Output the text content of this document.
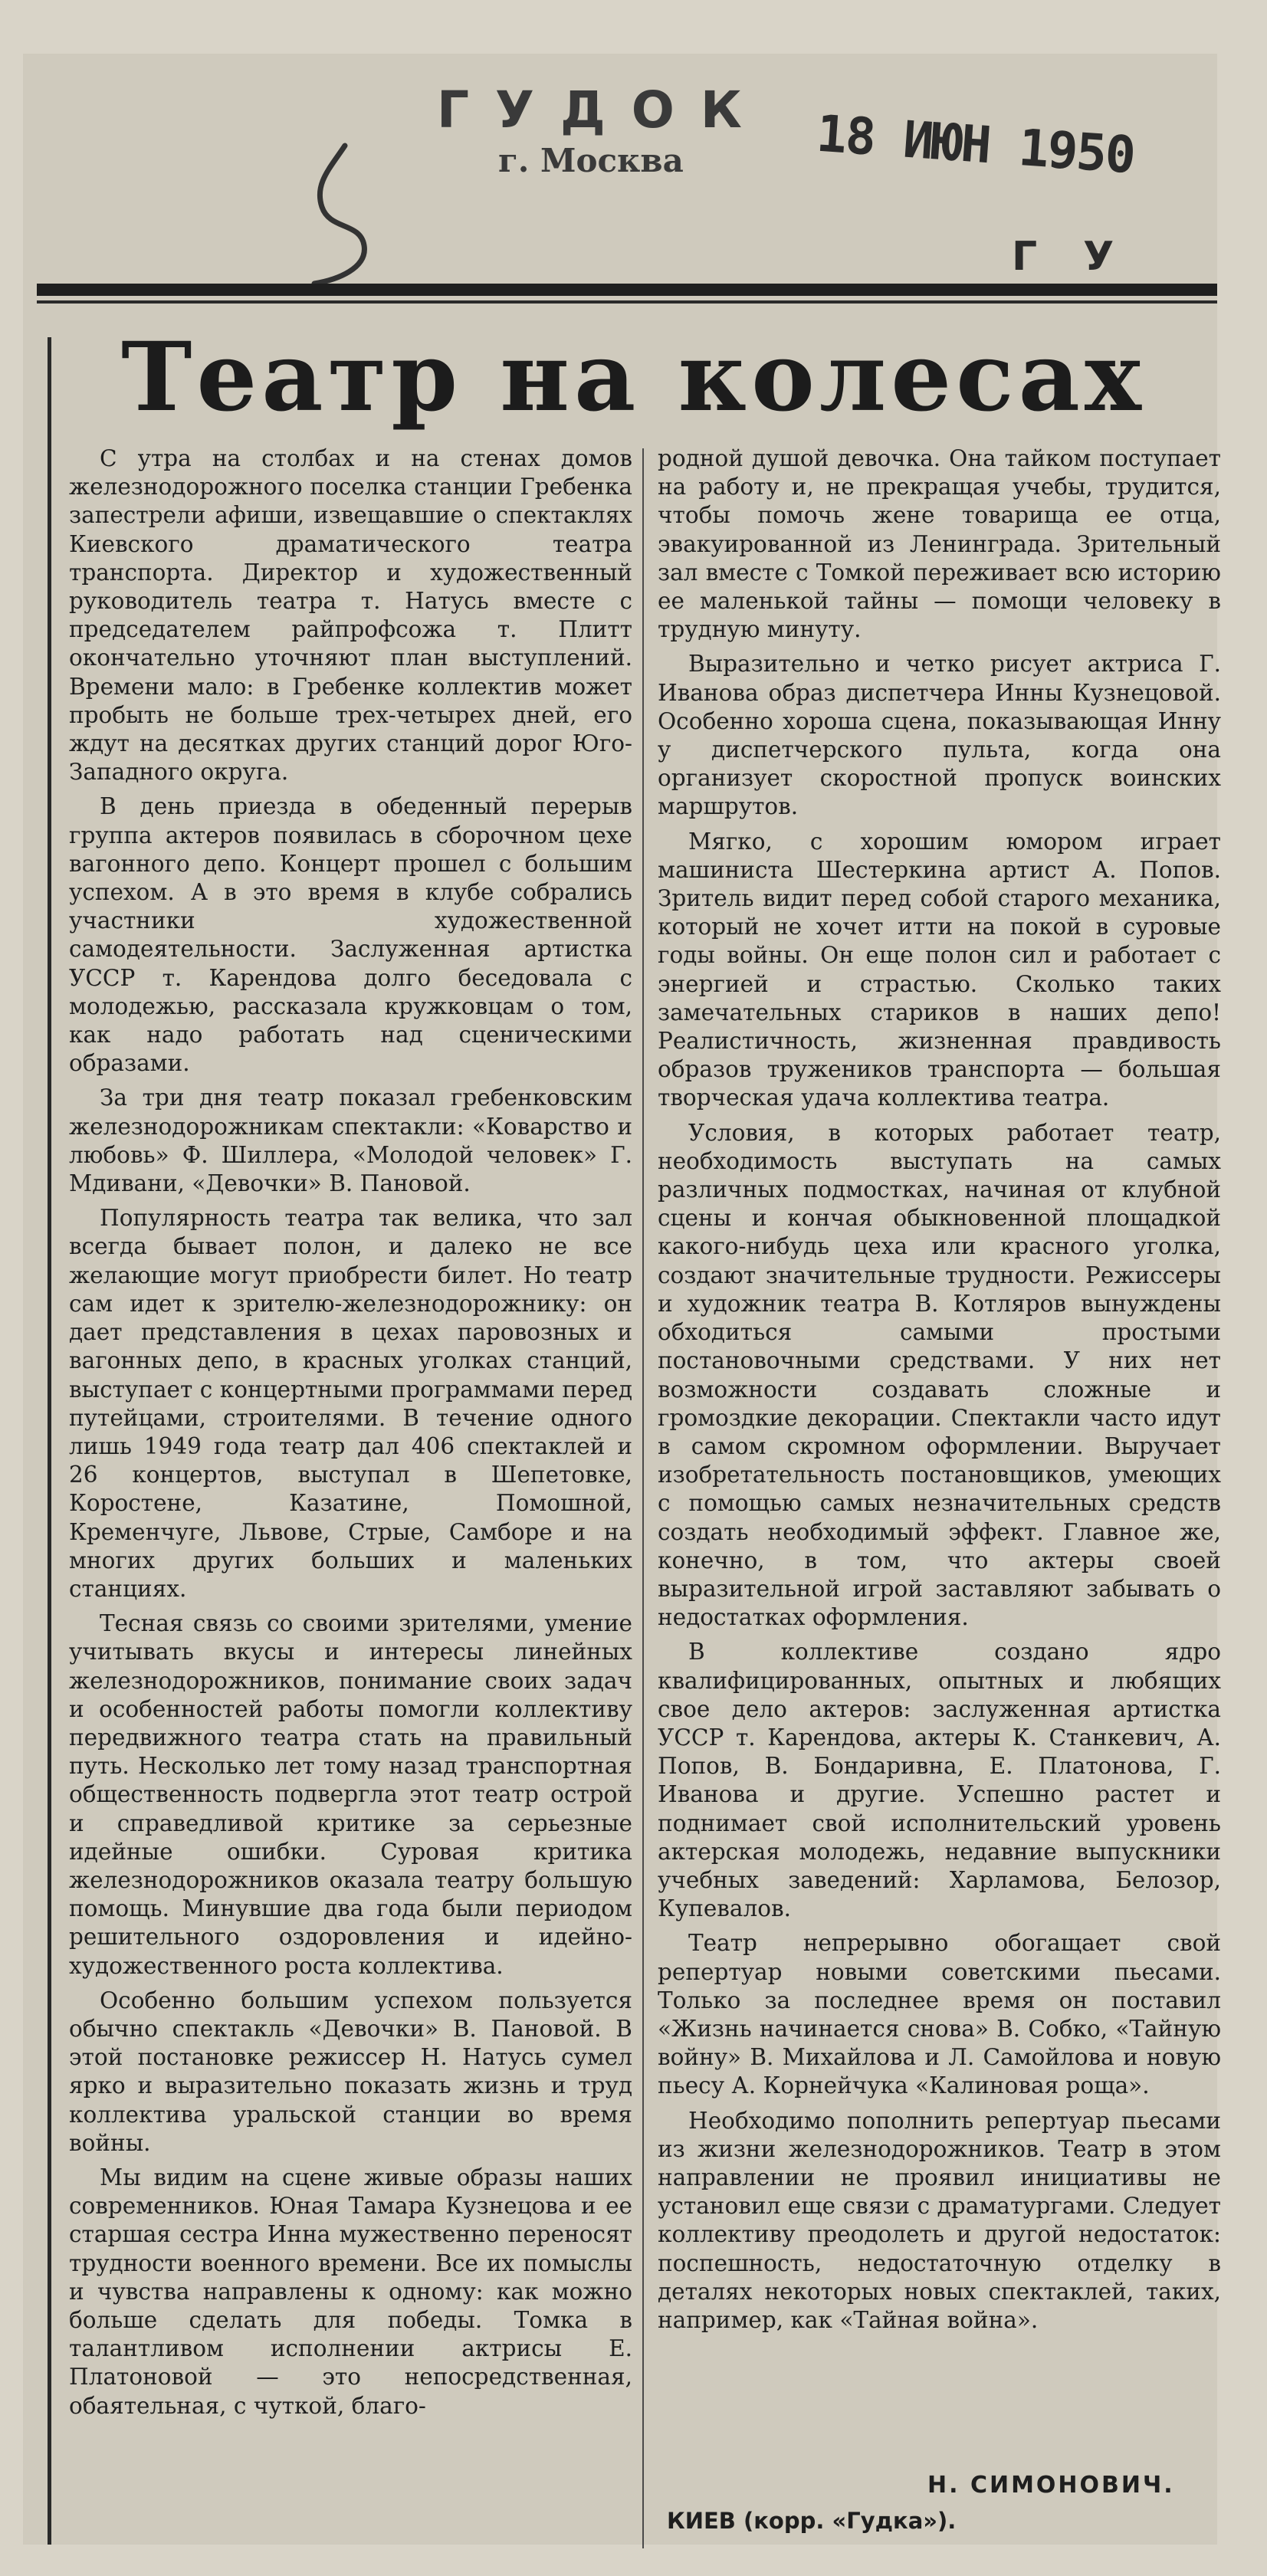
ГУДОК
г. Москва	18 ИЮН 1950
ГУ
Театр на колесах

С утра на столбах и на стенах домов железнодорожного поселка станции Гребенка запестрели афиши, извещавшие о спектаклях Киевского драматического театра транспорта. Директор и художественный руководитель театра т. Натусь вместе с председателем райпрофсожа т. Плитт окончательно уточняют план выступлений. Времени мало: в Гребенке коллектив может пробыть не больше трех-четырех дней, его ждут на десятках других станций дорог Юго-Западного округа.

В день приезда в обеденный перерыв группа актеров появилась в сборочном цехе вагонного депо. Концерт прошел с большим успехом. А в это время в клубе собрались участники художественной самодеятельности. Заслуженная артистка УССР т. Карендова долго беседовала с молодежью, рассказала кружковцам о том, как надо работать над сценическими образами.

За три дня театр показал гребенковским железнодорожникам спектакли: «Коварство и любовь» Ф. Шиллера, «Молодой человек» Г. Мдивани, «Девочки» В. Пановой.

Популярность театра так велика, что зал всегда бывает полон, и далеко не все желающие могут приобрести билет. Но театр сам идет к зрителю-железнодорожнику: он дает представления в цехах паровозных и вагонных депо, в красных уголках станций, выступает с концертными программами перед путейцами, строителями. В течение одного лишь 1949 года театр дал 406 спектаклей и 26 концертов, выступал в Шепетовке, Коростене, Казатине, Помошной, Кременчуге, Львове, Стрые, Самборе и на многих других больших и маленьких станциях.

Тесная связь со своими зрителями, умение учитывать вкусы и интересы линейных железнодорожников, понимание своих задач и особенностей работы помогли коллективу передвижного театра стать на правильный путь. Несколько лет тому назад транспортная общественность подвергла этот театр острой и справедливой критике за серьезные идейные ошибки. Суровая критика железнодорожников оказала театру большую помощь. Минувшие два года были периодом решительного оздоровления и идейно-художественного роста коллектива.

Особенно большим успехом пользуется обычно спектакль «Девочки» В. Пановой. В этой постановке режиссер Н. Натусь сумел ярко и выразительно показать жизнь и труд коллектива уральской станции во время войны.

Мы видим на сцене живые образы наших современников. Юная Тамара Кузнецова и ее старшая сестра Инна мужественно переносят трудности военного времени. Все их помыслы и чувства направлены к одному: как можно больше сделать для победы. Томка в талантливом исполнении актрисы Е. Платоновой — это непосредственная, обаятельная, с чуткой, благо-

родной душой девочка. Она тайком поступает на работу и, не прекращая учебы, трудится, чтобы помочь жене товарища ее отца, эвакуированной из Ленинграда. Зрительный зал вместе с Томкой переживает всю историю ее маленькой тайны — помощи человеку в трудную минуту.

Выразительно и четко рисует актриса Г. Иванова образ диспетчера Инны Кузнецовой. Особенно хороша сцена, показывающая Инну у диспетчерского пульта, когда она организует скоростной пропуск воинских маршрутов.

Мягко, с хорошим юмором играет машиниста Шестеркина артист А. Попов. Зритель видит перед собой старого механика, который не хочет итти на покой в суровые годы войны. Он еще полон сил и работает с энергией и страстью. Сколько таких замечательных стариков в наших депо! Реалистичность, жизненная правдивость образов тружеников транспорта — большая творческая удача коллектива театра.

Условия, в которых работает театр, необходимость выступать на самых различных подмостках, начиная от клубной сцены и кончая обыкновенной площадкой какого-нибудь цеха или красного уголка, создают значительные трудности. Режиссеры и художник театра В. Котляров вынуждены обходиться самыми простыми постановочными средствами. У них нет возможности создавать сложные и громоздкие декорации. Спектакли часто идут в самом скромном оформлении. Выручает изобретательность постановщиков, умеющих с помощью самых незначительных средств создать необходимый эффект. Главное же, конечно, в том, что актеры своей выразительной игрой заставляют забывать о недостатках оформления.

В коллективе создано ядро квалифицированных, опытных и любящих свое дело актеров: заслуженная артистка УССР т. Карендова, актеры К. Станкевич, А. Попов, В. Бондаривна, Е. Платонова, Г. Иванова и другие. Успешно растет и поднимает свой исполнительский уровень актерская молодежь, недавние выпускники учебных заведений: Харламова, Белозор, Купевалов.

Театр непрерывно обогащает свой репертуар новыми советскими пьесами. Только за последнее время он поставил «Жизнь начинается снова» В. Собко, «Тайную войну» В. Михайлова и Л. Самойлова и новую пьесу А. Корнейчука «Калиновая роща».

Необходимо пополнить репертуар пьесами из жизни железнодорожников. Театр в этом направлении не проявил инициативы не установил еще связи с драматургами. Следует коллективу преодолеть и другой недостаток: поспешность, недостаточную отделку в деталях некоторых новых спектаклей, таких, например, как «Тайная война».

Н. СИМОНОВИЧ.
КИЕВ (корр. «Гудка»).
